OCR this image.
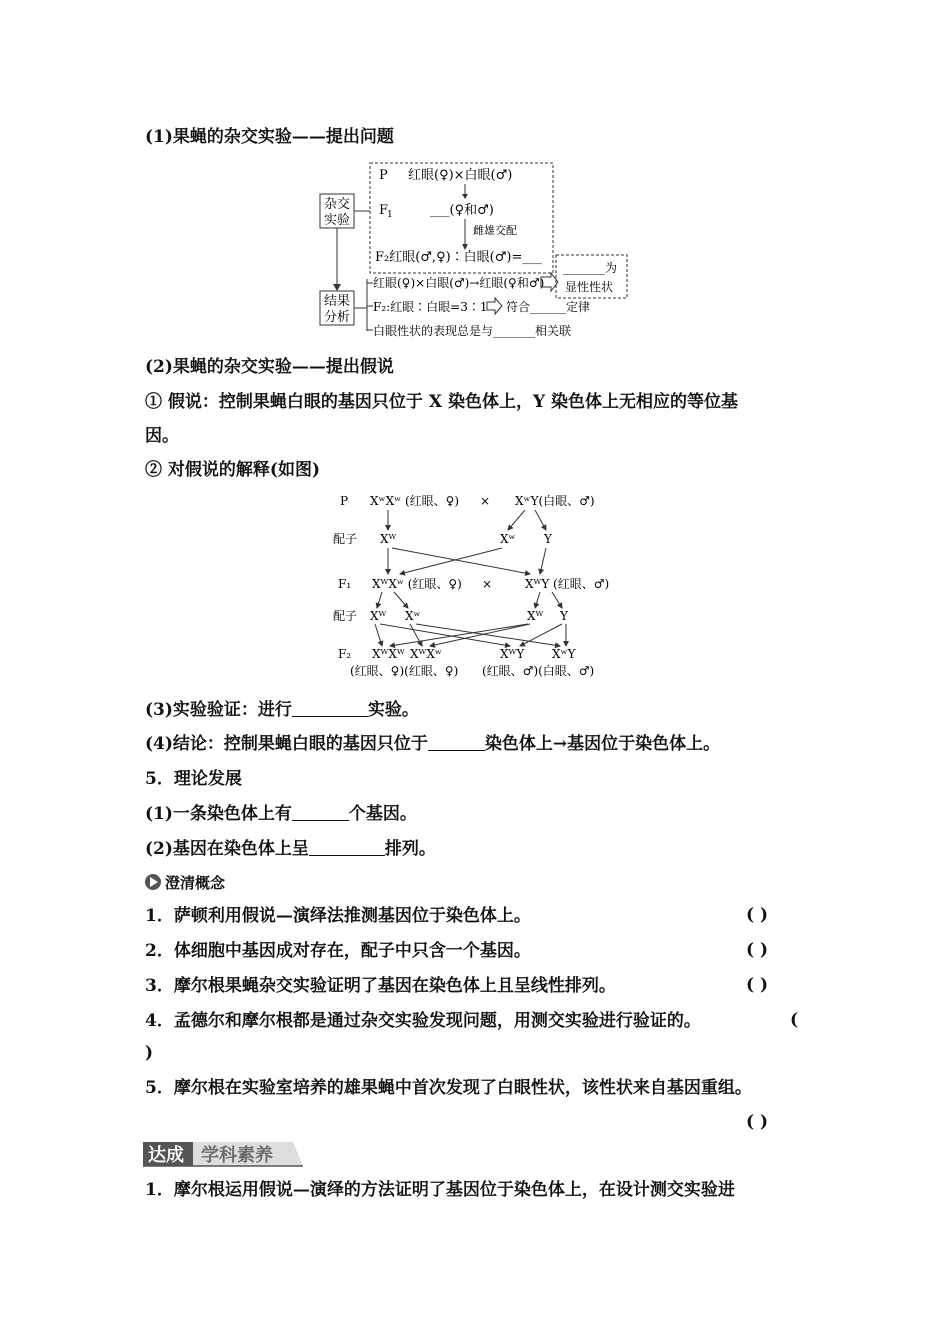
(1)果蝇的杂交实验——提出问题
杂交
实验
结果
分析
P 红眼(♀)×白眼(♂)
F
1	___(♀和♂)
雌雄交配
F₂红眼(♂,♀)∶白眼(♂)=___
红眼(♀)×白眼(♂)→红眼(♀和♂)
F₂:红眼∶白眼=3∶1 符合______定律
白眼性状的表现总是与_______相关联
_______为
显性性状
(2)果蝇的杂交实验——提出假说
① 假说：控制果蝇白眼的基因只位于 X 染色体上，Y 染色体上无相应的等位基
因。
② 对假说的解释(如图)
P XʷXʷ (红眼、♀) × XʷY(白眼、♂)
配子 Xᵂ	Xʷ Y
F₁ XᵂXʷ (红眼、♀) ×	XᵂY (红眼、♂)
配子 Xᵂ Xʷ	Xᵂ Y
F₂ XᵂXᵂ XᵂXʷ	XᵂY XʷY
(红眼、♀)(红眼、♀) (红眼、♂)(白眼、♂)
(3)实验验证：进行	实验。
(4)结论：控制果蝇白眼的基因只位于	染色体上→基因位于染色体上。
5．理论发展
(1)一条染色体上有	个基因。
(2)基因在染色体上呈	排列。
澄清概念
1．萨顿利用假说—演绎法推测基因位于染色体上。	( )
2．体细胞中基因成对存在，配子中只含一个基因。	( )
3．摩尔根果蝇杂交实验证明了基因在染色体上且呈线性排列。	( )
4．孟德尔和摩尔根都是通过杂交实验发现问题，用测交实验进行验证的。	(
)
5．摩尔根在实验室培养的雄果蝇中首次发现了白眼性状，该性状来自基因重组。
( )
达成 学科素养
1．摩尔根运用假说—演绎的方法证明了基因位于染色体上，在设计测交实验进
